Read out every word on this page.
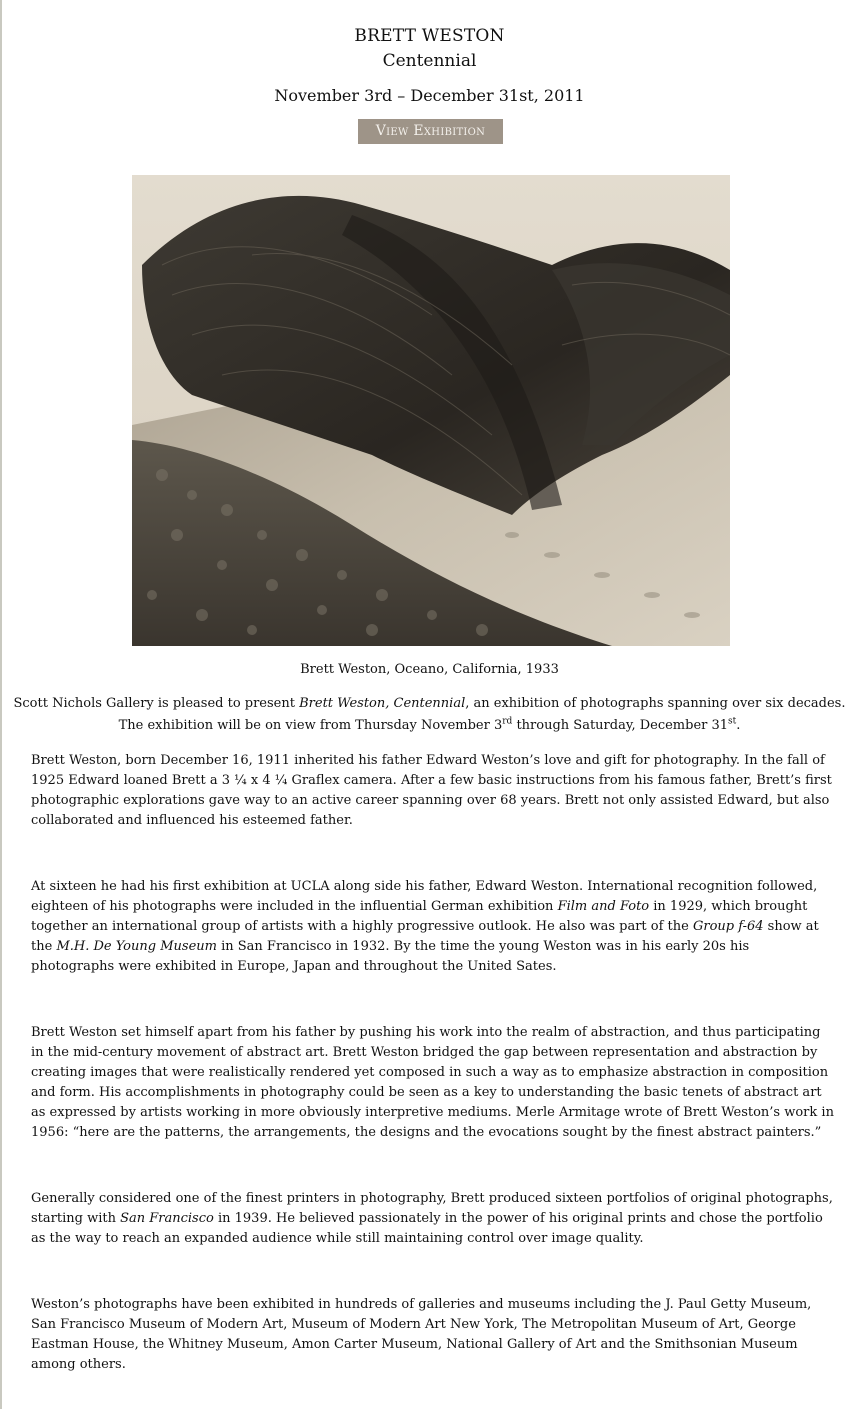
BRETT WESTON
Centennial
November 3rd – December 31st, 2011
View Exhibition
Brett Weston, Oceano, California, 1933
Scott Nichols Gallery is pleased to present Brett Weston, Centennial, an exhibition of photographs spanning over six decades.
The exhibition will be on view from Thursday November 3rd through Saturday, December 31st.

Brett Weston, born December 16, 1911 inherited his father Edward Weston’s love and gift for photography. In the fall of 1925 Edward loaned Brett a 3 ¼ x 4 ¼ Graflex camera. After a few basic instructions from his famous father, Brett’s first photographic explorations gave way to an active career spanning over 68 years. Brett not only assisted Edward, but also collaborated and influenced his esteemed father.

At sixteen he had his first exhibition at UCLA along side his father, Edward Weston. International recognition followed, eighteen of his photographs were included in the influential German exhibition Film and Foto in 1929, which brought together an international group of artists with a highly progressive outlook. He also was part of the Group f-64 show at the M.H. De Young Museum in San Francisco in 1932. By the time the young Weston was in his early 20s his photographs were exhibited in Europe, Japan and throughout the United Sates.

Brett Weston set himself apart from his father by pushing his work into the realm of abstraction, and thus participating in the mid-century movement of abstract art. Brett Weston bridged the gap between representation and abstraction by creating images that were realistically rendered yet composed in such a way as to emphasize abstraction in composition and form. His accomplishments in photography could be seen as a key to understanding the basic tenets of abstract art as expressed by artists working in more obviously interpretive mediums. Merle Armitage wrote of Brett Weston’s work in 1956: “here are the patterns, the arrangements, the designs and the evocations sought by the finest abstract painters.”

Generally considered one of the finest printers in photography, Brett produced sixteen portfolios of original photographs, starting with San Francisco in 1939. He believed passionately in the power of his original prints and chose the portfolio as the way to reach an expanded audience while still maintaining control over image quality.

Weston’s photographs have been exhibited in hundreds of galleries and museums including the J. Paul Getty Museum, San Francisco Museum of Modern Art, Museum of Modern Art New York, The Metropolitan Museum of Art, George Eastman House, the Whitney Museum, Amon Carter Museum, National Gallery of Art and the Smithsonian Museum among others.
